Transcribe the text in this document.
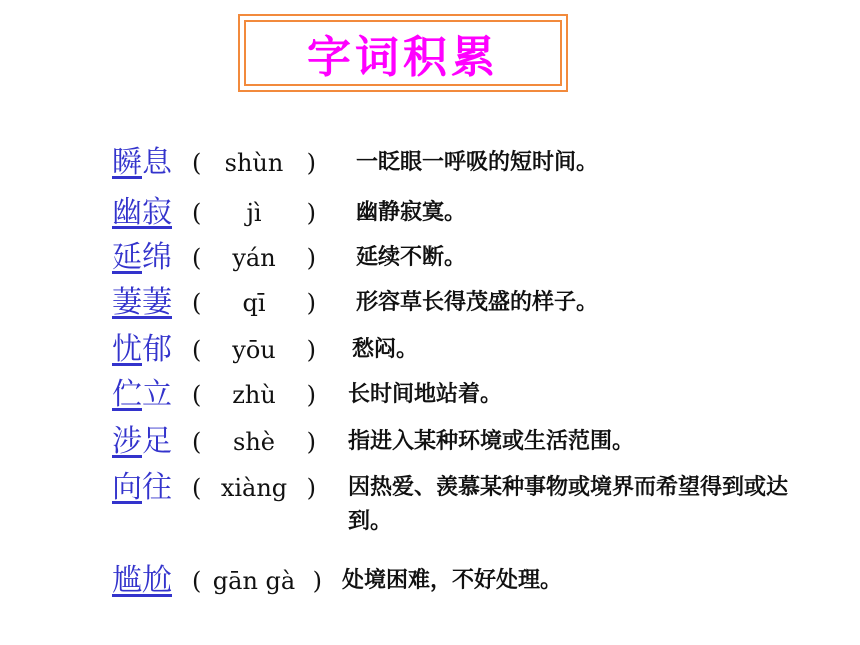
字词积累
瞬息 ( shùn ) 一眨眼一呼吸的短时间。
幽寂 (	jì	) 幽静寂寞。
延绵 (	yán	) 延续不断。
萋萋 (	qī	) 形容草长得茂盛的样子。
忧郁 (	yōu	) 愁闷。
伫立 (	zhù	) 长时间地站着。
涉足 (	shè	) 指进入某种环境或生活范围。
向往 ( xiàng ) 因热爱、羡慕某种事物或境界而希望得到或达到。
尴尬 ( gān gà ) 处境困难，不好处理。
